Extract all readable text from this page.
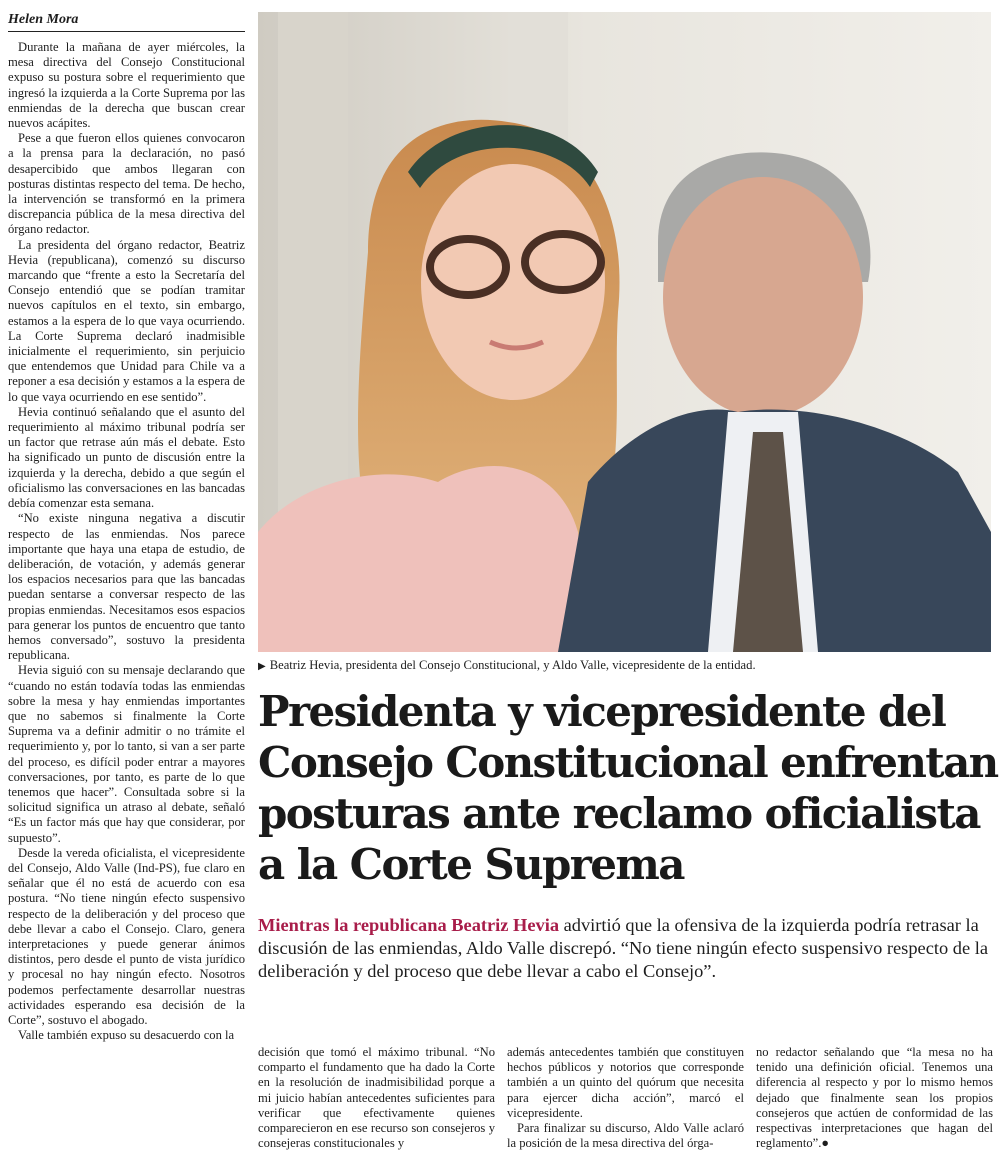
Helen Mora

Durante la mañana de ayer miércoles, la mesa directiva del Consejo Constitucional expuso su postura sobre el requerimiento que ingresó la izquierda a la Corte Suprema por las enmiendas de la derecha que buscan crear nuevos acápites.

Pese a que fueron ellos quienes convocaron a la prensa para la declaración, no pasó desapercibido que ambos llegaran con posturas distintas respecto del tema. De hecho, la intervención se transformó en la primera discrepancia pública de la mesa directiva del órgano redactor.

La presidenta del órgano redactor, Beatriz Hevia (republicana), comenzó su discurso marcando que “frente a esto la Secretaría del Consejo entendió que se podían tramitar nuevos capítulos en el texto, sin embargo, estamos a la espera de lo que vaya ocurriendo. La Corte Suprema declaró inadmisible inicialmente el requerimiento, sin perjuicio que entendemos que Unidad para Chile va a reponer a esa decisión y estamos a la espera de lo que vaya ocurriendo en ese sentido”.

Hevia continuó señalando que el asunto del requerimiento al máximo tribunal podría ser un factor que retrase aún más el debate. Esto ha significado un punto de discusión entre la izquierda y la derecha, debido a que según el oficialismo las conversaciones en las bancadas debía comenzar esta semana.

“No existe ninguna negativa a discutir respecto de las enmiendas. Nos parece importante que haya una etapa de estudio, de deliberación, de votación, y además generar los espacios necesarios para que las bancadas puedan sentarse a conversar respecto de las propias enmiendas. Necesitamos esos espacios para generar los puntos de encuentro que tanto hemos conversado”, sostuvo la presidenta republicana.

Hevia siguió con su mensaje declarando que “cuando no están todavía todas las enmiendas sobre la mesa y hay enmiendas importantes que no sabemos si finalmente la Corte Suprema va a definir admitir o no trámite el requerimiento y, por lo tanto, si van a ser parte del proceso, es difícil poder entrar a mayores conversaciones, por tanto, es parte de lo que tenemos que hacer”. Consultada sobre si la solicitud significa un atraso al debate, señaló “Es un factor más que hay que considerar, por supuesto”.

Desde la vereda oficialista, el vicepresidente del Consejo, Aldo Valle (Ind-PS), fue claro en señalar que él no está de acuerdo con esa postura. “No tiene ningún efecto suspensivo respecto de la deliberación y del proceso que debe llevar a cabo el Consejo. Claro, genera interpretaciones y puede generar ánimos distintos, pero desde el punto de vista jurídico y procesal no hay ningún efecto. Nosotros podemos perfectamente desarrollar nuestras actividades esperando esa decisión de la Corte”, sostuvo el abogado.

Valle también expuso su desacuerdo con la

▶ Beatriz Hevia, presidenta del Consejo Constitucional, y Aldo Valle, vicepresidente de la entidad.
Presidenta y vicepresidente del Consejo Constitucional enfrentan posturas ante reclamo oficialista a la Corte Suprema
Mientras la republicana Beatriz Hevia advirtió que la ofensiva de la izquierda podría retrasar la discusión de las enmiendas, Aldo Valle discrepó. “No tiene ningún efecto suspensivo respecto de la deliberación y del proceso que debe llevar a cabo el Consejo”.

decisión que tomó el máximo tribunal. “No comparto el fundamento que ha dado la Corte en la resolución de inadmisibilidad porque a mi juicio habían antecedentes suficientes para verificar que efectivamente quienes comparecieron en ese recurso son consejeros y consejeras constitucionales y

además antecedentes también que constituyen hechos públicos y notorios que corresponde también a un quinto del quórum que necesita para ejercer dicha acción”, marcó el vicepresidente.

Para finalizar su discurso, Aldo Valle aclaró la posición de la mesa directiva del órga-

no redactor señalando que “la mesa no ha tenido una definición oficial. Tenemos una diferencia al respecto y por lo mismo hemos dejado que finalmente sean los propios consejeros que actúen de conformidad de las respectivas interpretaciones que hagan del reglamento”.●
